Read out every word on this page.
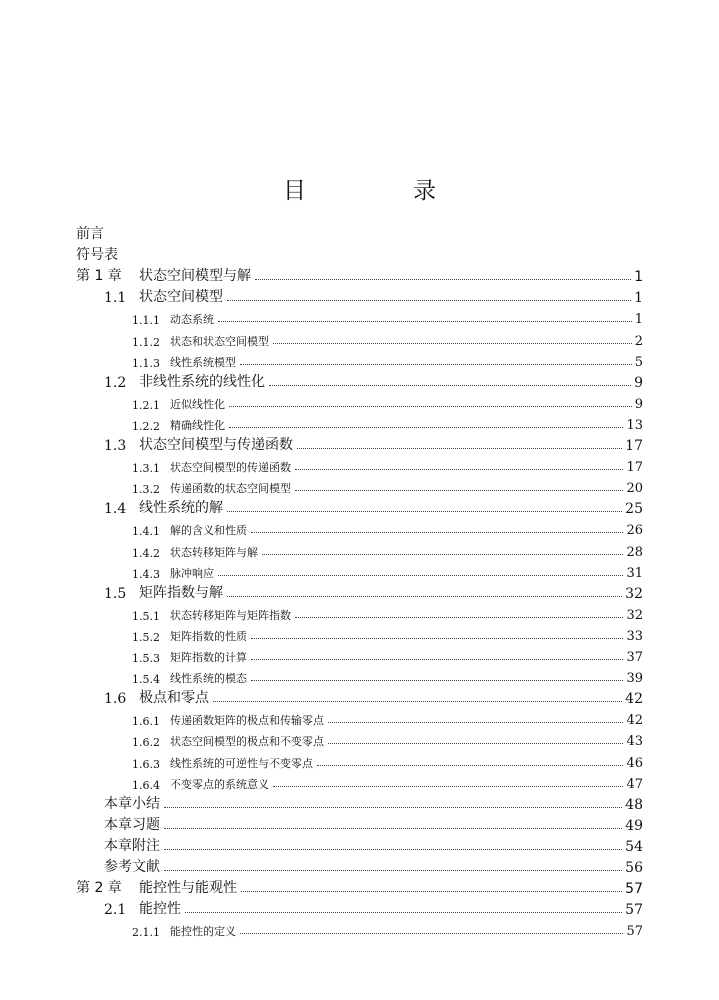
目　录
前言
符号表
第 1 章	状态空间模型与解	1
1.1 状态空间模型	1
1.1.1 动态系统	1
1.1.2 状态和状态空间模型	2
1.1.3 线性系统模型	5
1.2 非线性系统的线性化	9
1.2.1 近似线性化	9
1.2.2 精确线性化	13
1.3 状态空间模型与传递函数	17
1.3.1 状态空间模型的传递函数	17
1.3.2 传递函数的状态空间模型	20
1.4 线性系统的解	25
1.4.1 解的含义和性质	26
1.4.2 状态转移矩阵与解	28
1.4.3 脉冲响应	31
1.5 矩阵指数与解	32
1.5.1 状态转移矩阵与矩阵指数	32
1.5.2 矩阵指数的性质	33
1.5.3 矩阵指数的计算	37
1.5.4 线性系统的模态	39
1.6 极点和零点	42
1.6.1 传递函数矩阵的极点和传输零点	42
1.6.2 状态空间模型的极点和不变零点	43
1.6.3 线性系统的可逆性与不变零点	46
1.6.4 不变零点的系统意义	47
本章小结	48
本章习题	49
本章附注	54
参考文献	56
第 2 章	能控性与能观性	57
2.1 能控性	57
2.1.1 能控性的定义	57
